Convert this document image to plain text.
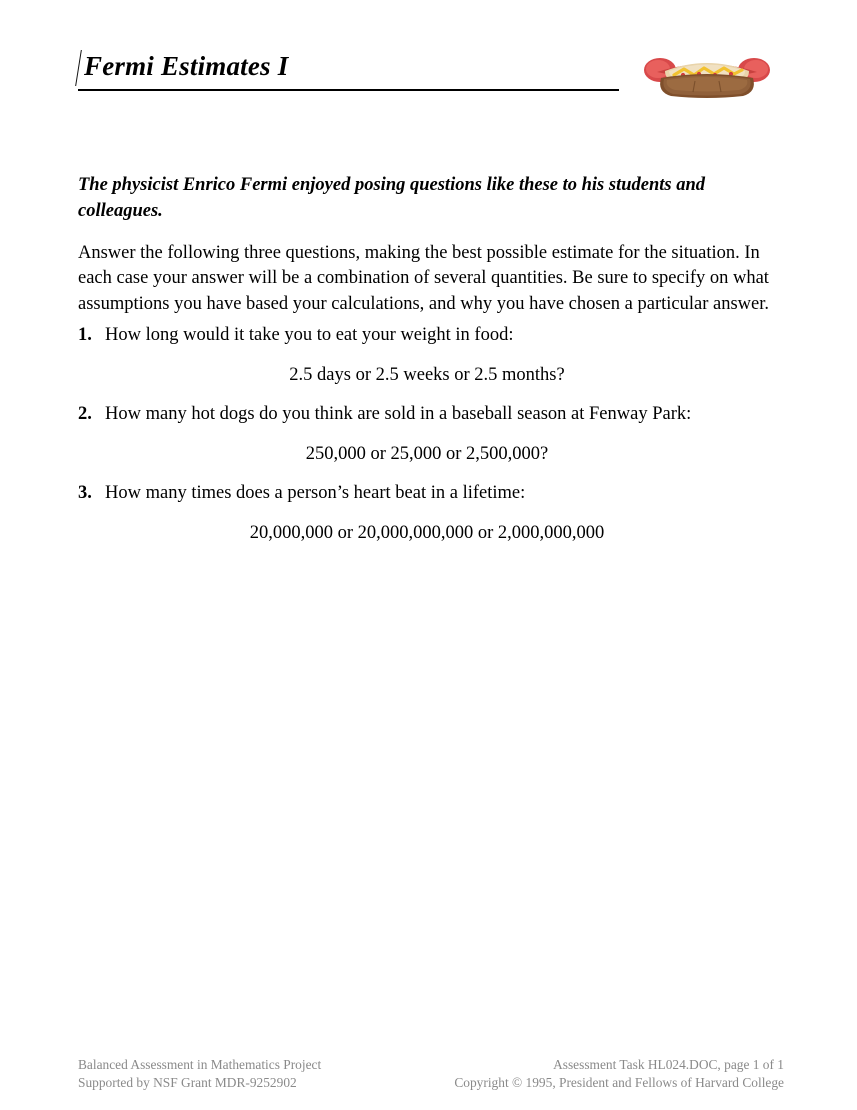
Fermi Estimates I

The physicist Enrico Fermi enjoyed posing questions like these to his students and colleagues.

Answer the following three questions, making the best possible estimate for the situation. In each case your answer will be a combination of several quantities. Be sure to specify on what assumptions you have based your calculations, and why you have chosen a particular answer.

1. How long would it take you to eat your weight in food:
2.5 days or 2.5 weeks or 2.5 months?
2. How many hot dogs do you think are sold in a baseball season at Fenway Park:
250,000 or 25,000 or 2,500,000?
3. How many times does a person’s heart beat in a lifetime:
20,000,000 or 20,000,000,000 or 2,000,000,000
Balanced Assessment in Mathematics Project
Supported by NSF Grant MDR-9252902
Assessment Task HL024.DOC, page 1 of 1
Copyright © 1995, President and Fellows of Harvard College
